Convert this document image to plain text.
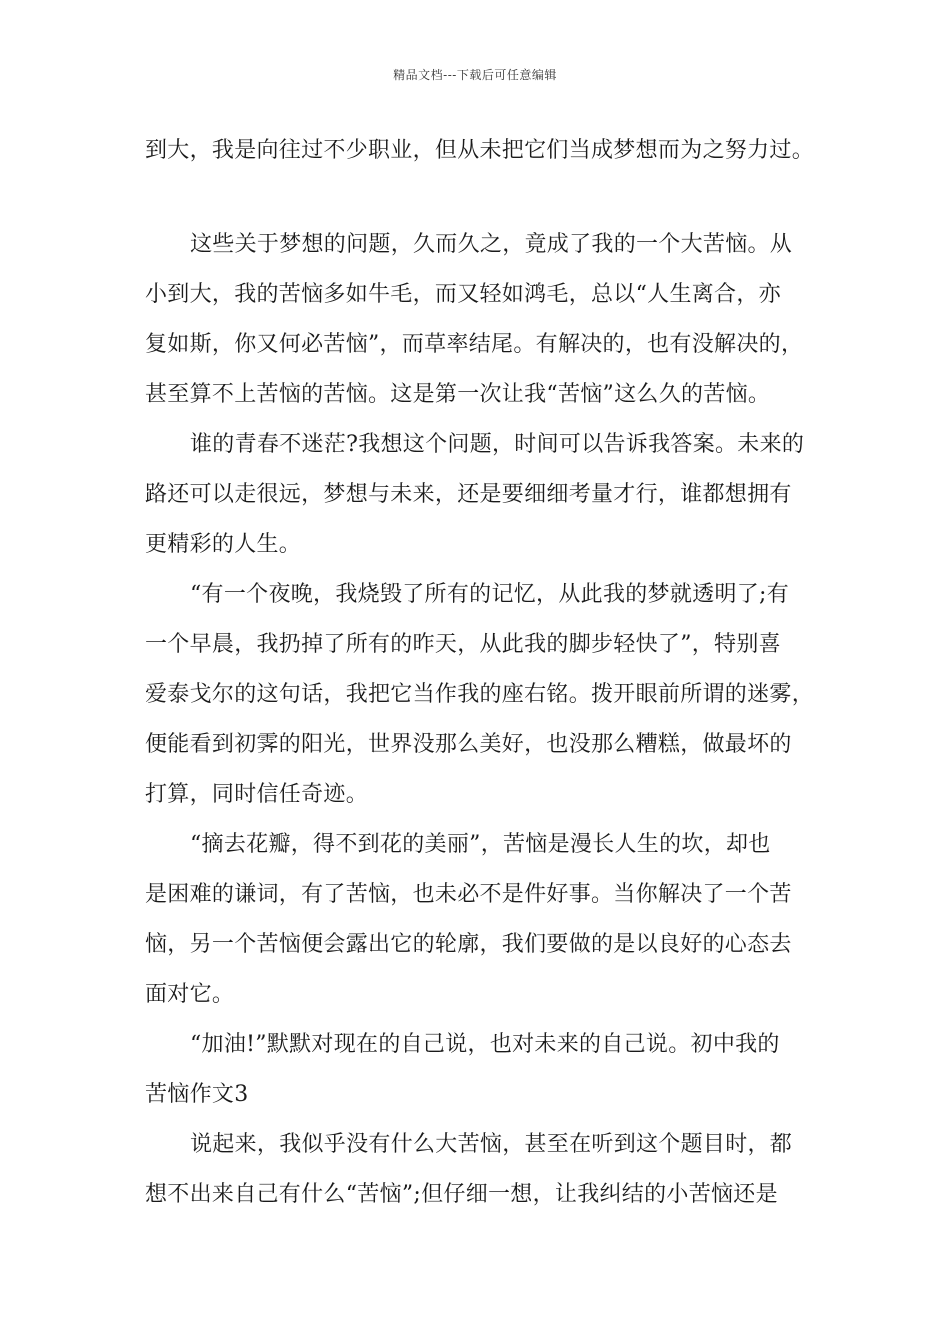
精品文档---下载后可任意编辑
到大，我是向往过不少职业，但从未把它们当成梦想而为之努力过。
这些关于梦想的问题，久而久之，竟成了我的一个大苦恼。从
小到大，我的苦恼多如牛毛，而又轻如鸿毛，总以“人生离合，亦
复如斯，你又何必苦恼”，而草率结尾。有解决的，也有没解决的，
甚至算不上苦恼的苦恼。这是第一次让我“苦恼”这么久的苦恼。
谁的青春不迷茫?我想这个问题，时间可以告诉我答案。未来的
路还可以走很远，梦想与未来，还是要细细考量才行，谁都想拥有
更精彩的人生。
“有一个夜晚，我烧毁了所有的记忆，从此我的梦就透明了;有
一个早晨，我扔掉了所有的昨天，从此我的脚步轻快了”，特别喜
爱泰戈尔的这句话，我把它当作我的座右铭。拨开眼前所谓的迷雾，
便能看到初霁的阳光，世界没那么美好，也没那么糟糕，做最坏的
打算，同时信任奇迹。
“摘去花瓣，得不到花的美丽”，苦恼是漫长人生的坎，却也
是困难的谦词，有了苦恼，也未必不是件好事。当你解决了一个苦
恼，另一个苦恼便会露出它的轮廓，我们要做的是以良好的心态去
面对它。
“加油!”默默对现在的自己说，也对未来的自己说。初中我的
苦恼作文3
说起来，我似乎没有什么大苦恼，甚至在听到这个题目时，都
想不出来自己有什么“苦恼”;但仔细一想，让我纠结的小苦恼还是
